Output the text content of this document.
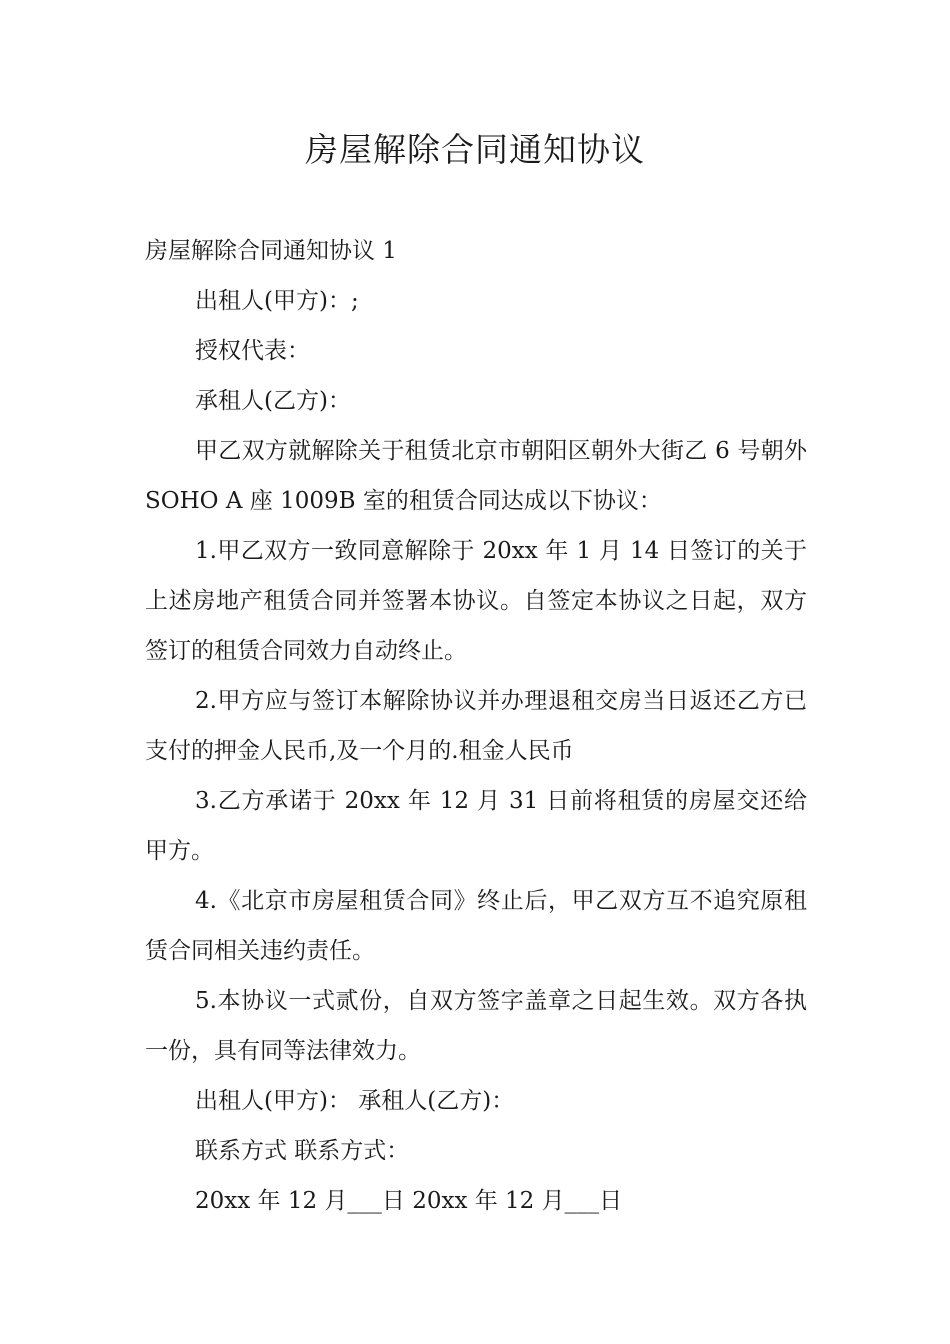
房屋解除合同通知协议

房屋解除合同通知协议 1

出租人(甲方)：;

授权代表：

承租人(乙方)：

甲乙双方就解除关于租赁北京市朝阳区朝外大街乙 6 号朝外 SOHO A 座 1009B 室的租赁合同达成以下协议：

1.甲乙双方一致同意解除于 20xx 年 1 月 14 日签订的关于上述房地产租赁合同并签署本协议。自签定本协议之日起，双方签订的租赁合同效力自动终止。

2.甲方应与签订本解除协议并办理退租交房当日返还乙方已支付的押金人民币,及一个月的.租金人民币

3.乙方承诺于 20xx 年 12 月 31 日前将租赁的房屋交还给甲方。

4.《北京市房屋租赁合同》终止后，甲乙双方互不追究原租赁合同相关违约责任。

5.本协议一式贰份，自双方签字盖章之日起生效。双方各执一份，具有同等法律效力。

出租人(甲方)： 承租人(乙方)：

联系方式 联系方式：

20xx 年 12 月___日 20xx 年 12 月___日
